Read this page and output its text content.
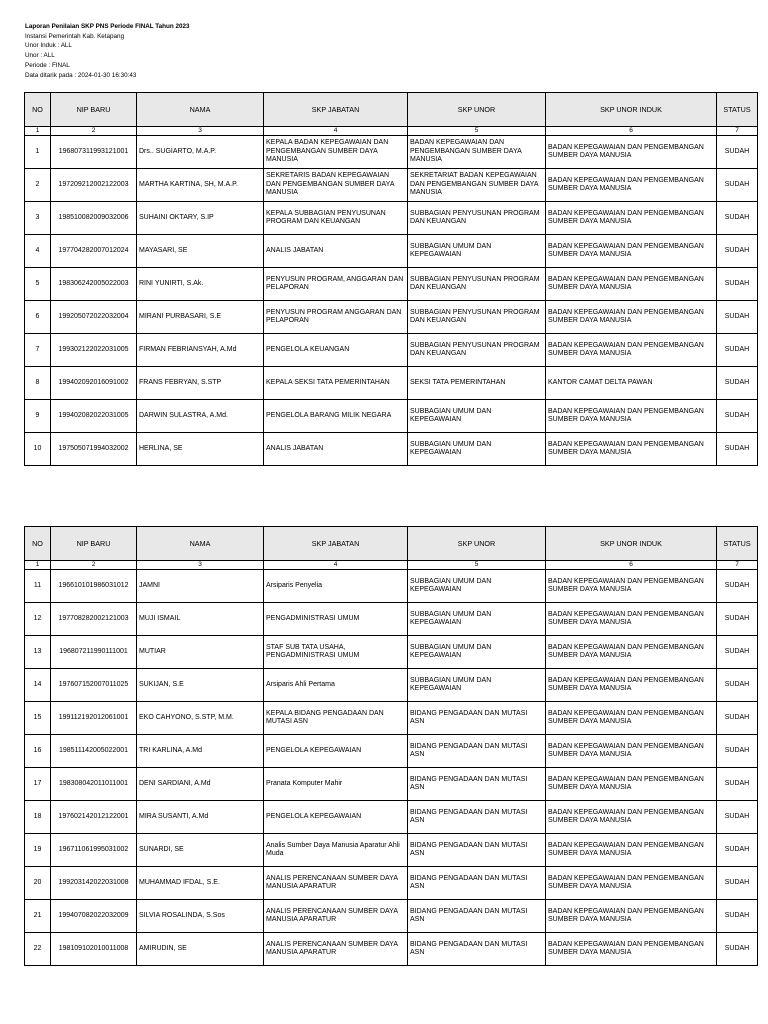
Laporan Penilaian SKP PNS Periode FINAL Tahun 2023
Instansi Pemerintah Kab. Ketapang
Unor Induk : ALL
Unor : ALL
Periode : FINAL
Data ditarik pada : 2024-01-30 16:30:43
NO	NIP BARU	NAMA	SKP JABATAN	SKP UNOR	SKP UNOR INDUK	STATUS
1	2	3	4	5	6	7
1	196807311993121001	Drs.. SUGIARTO, M.A.P.	KEPALA BADAN KEPEGAWAIAN DAN PENGEMBANGAN SUMBER DAYA MANUSIA	BADAN KEPEGAWAIAN DAN PENGEMBANGAN SUMBER DAYA MANUSIA	BADAN KEPEGAWAIAN DAN PENGEMBANGAN SUMBER DAYA MANUSIA	SUDAH
2	197209212002122003	MARTHA KARTINA, SH, M.A.P.	SEKRETARIS BADAN KEPEGAWAIAN DAN PENGEMBANGAN SUMBER DAYA MANUSIA	SEKRETARIAT BADAN KEPEGAWAIAN DAN PENGEMBANGAN SUMBER DAYA MANUSIA	BADAN KEPEGAWAIAN DAN PENGEMBANGAN SUMBER DAYA MANUSIA	SUDAH
3	198510082009032006	SUHAINI OKTARY, S.IP	KEPALA SUBBAGIAN PENYUSUNAN PROGRAM DAN KEUANGAN	SUBBAGIAN PENYUSUNAN PROGRAM DAN KEUANGAN	BADAN KEPEGAWAIAN DAN PENGEMBANGAN SUMBER DAYA MANUSIA	SUDAH
4	197704282007012024	MAYASARI, SE	ANALIS JABATAN	SUBBAGIAN UMUM DAN KEPEGAWAIAN	BADAN KEPEGAWAIAN DAN PENGEMBANGAN SUMBER DAYA MANUSIA	SUDAH
5	198306242005022003	RINI YUNIRTI, S.Ak.	PENYUSUN PROGRAM, ANGGARAN DAN PELAPORAN	SUBBAGIAN PENYUSUNAN PROGRAM DAN KEUANGAN	BADAN KEPEGAWAIAN DAN PENGEMBANGAN SUMBER DAYA MANUSIA	SUDAH
6	199205072022032004	MIRANI PURBASARI, S.E	PENYUSUN PROGRAM ANGGARAN DAN PELAPORAN	SUBBAGIAN PENYUSUNAN PROGRAM DAN KEUANGAN	BADAN KEPEGAWAIAN DAN PENGEMBANGAN SUMBER DAYA MANUSIA	SUDAH
7	199302122022031005	FIRMAN FEBRIANSYAH, A.Md	PENGELOLA KEUANGAN	SUBBAGIAN PENYUSUNAN PROGRAM DAN KEUANGAN	BADAN KEPEGAWAIAN DAN PENGEMBANGAN SUMBER DAYA MANUSIA	SUDAH
8	199402092016091002	FRANS FEBRYAN, S.STP	KEPALA SEKSI TATA PEMERINTAHAN	SEKSI TATA PEMERINTAHAN	KANTOR CAMAT DELTA PAWAN	SUDAH
9	199402082022031005	DARWIN SULASTRA, A.Md.	PENGELOLA BARANG MILIK NEGARA	SUBBAGIAN UMUM DAN KEPEGAWAIAN	BADAN KEPEGAWAIAN DAN PENGEMBANGAN SUMBER DAYA MANUSIA	SUDAH
10	197505071994032002	HERLINA, SE	ANALIS JABATAN	SUBBAGIAN UMUM DAN KEPEGAWAIAN	BADAN KEPEGAWAIAN DAN PENGEMBANGAN SUMBER DAYA MANUSIA	SUDAH
NO	NIP BARU	NAMA	SKP JABATAN	SKP UNOR	SKP UNOR INDUK	STATUS
1	2	3	4	5	6	7
11	196610101986031012	JAMNI	Arsiparis Penyelia	SUBBAGIAN UMUM DAN KEPEGAWAIAN	BADAN KEPEGAWAIAN DAN PENGEMBANGAN SUMBER DAYA MANUSIA	SUDAH
12	197708282002121003	MUJI ISMAIL	PENGADMINISTRASI UMUM	SUBBAGIAN UMUM DAN KEPEGAWAIAN	BADAN KEPEGAWAIAN DAN PENGEMBANGAN SUMBER DAYA MANUSIA	SUDAH
13	196807211990111001	MUTIAR	STAF SUB TATA USAHA, PENGADMINISTRASI UMUM	SUBBAGIAN UMUM DAN KEPEGAWAIAN	BADAN KEPEGAWAIAN DAN PENGEMBANGAN SUMBER DAYA MANUSIA	SUDAH
14	197607152007011025	SUKIJAN, S.E	Arsiparis Ahli Pertama	SUBBAGIAN UMUM DAN KEPEGAWAIAN	BADAN KEPEGAWAIAN DAN PENGEMBANGAN SUMBER DAYA MANUSIA	SUDAH
15	199112192012061001	EKO CAHYONO, S.STP, M.M.	KEPALA BIDANG PENGADAAN DAN MUTASI ASN	BIDANG PENGADAAN DAN MUTASI ASN	BADAN KEPEGAWAIAN DAN PENGEMBANGAN SUMBER DAYA MANUSIA	SUDAH
16	198511142005022001	TRI KARLINA, A.Md	PENGELOLA KEPEGAWAIAN	BIDANG PENGADAAN DAN MUTASI ASN	BADAN KEPEGAWAIAN DAN PENGEMBANGAN SUMBER DAYA MANUSIA	SUDAH
17	198308042011011001	DENI SARDIANI, A.Md	Pranata Komputer Mahir	BIDANG PENGADAAN DAN MUTASI ASN	BADAN KEPEGAWAIAN DAN PENGEMBANGAN SUMBER DAYA MANUSIA	SUDAH
18	197602142012122001	MIRA SUSANTI, A.Md	PENGELOLA KEPEGAWAIAN	BIDANG PENGADAAN DAN MUTASI ASN	BADAN KEPEGAWAIAN DAN PENGEMBANGAN SUMBER DAYA MANUSIA	SUDAH
19	196711061995031002	SUNARDI, SE	Analis Sumber Daya Manusia Aparatur Ahli Muda	BIDANG PENGADAAN DAN MUTASI ASN	BADAN KEPEGAWAIAN DAN PENGEMBANGAN SUMBER DAYA MANUSIA	SUDAH
20	199203142022031008	MUHAMMAD IFDAL, S.E.	ANALIS PERENCANAAN SUMBER DAYA MANUSIA APARATUR	BIDANG PENGADAAN DAN MUTASI ASN	BADAN KEPEGAWAIAN DAN PENGEMBANGAN SUMBER DAYA MANUSIA	SUDAH
21	199407082022032009	SILVIA ROSALINDA, S.Sos	ANALIS PERENCANAAN SUMBER DAYA MANUSIA APARATUR	BIDANG PENGADAAN DAN MUTASI ASN	BADAN KEPEGAWAIAN DAN PENGEMBANGAN SUMBER DAYA MANUSIA	SUDAH
22	198109102010011008	AMIRUDIN, SE	ANALIS PERENCANAAN SUMBER DAYA MANUSIA APARATUR	BIDANG PENGADAAN DAN MUTASI ASN	BADAN KEPEGAWAIAN DAN PENGEMBANGAN SUMBER DAYA MANUSIA	SUDAH
